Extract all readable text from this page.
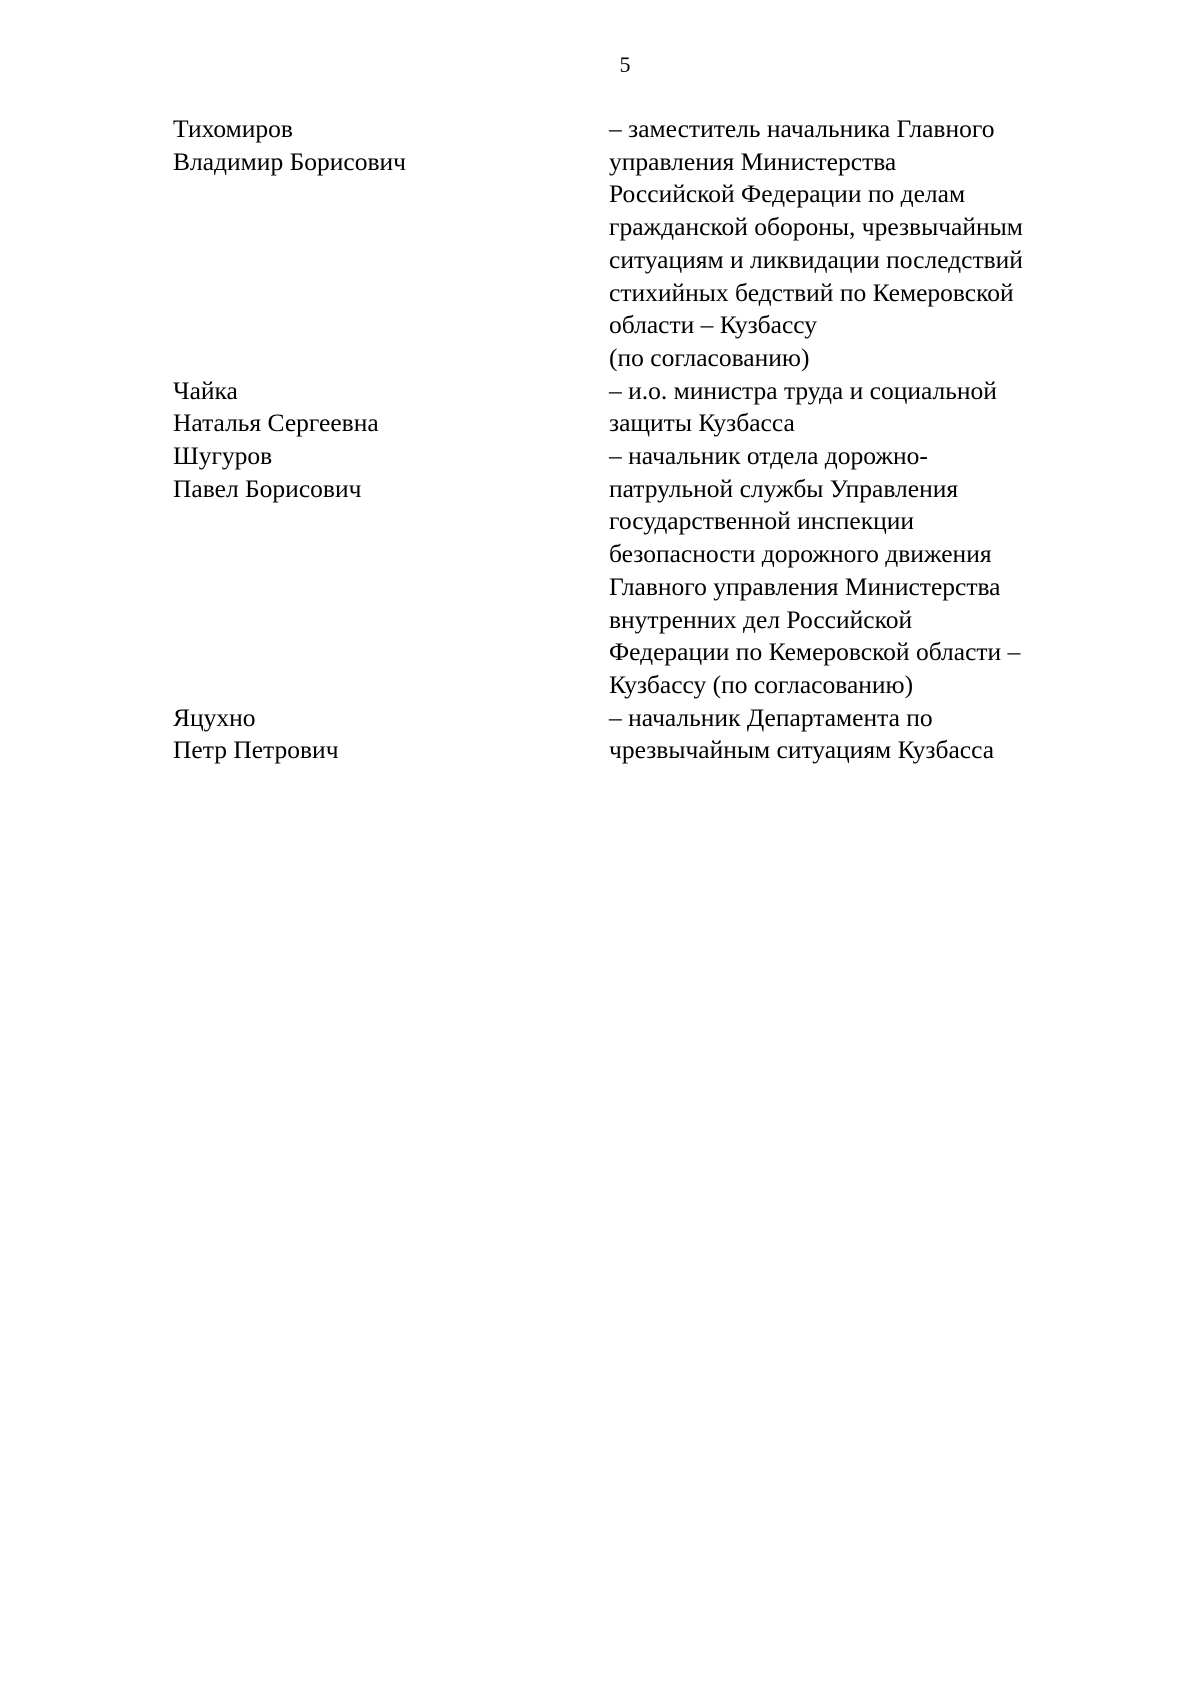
5
Тихомиров
Владимир Борисович
– заместитель начальника Главного
управления Министерства
Российской Федерации по делам
гражданской обороны, чрезвычайным
ситуациям и ликвидации последствий
стихийных бедствий по Кемеровской
области – Кузбассу
(по согласованию)
Чайка
Наталья Сергеевна
– и.о. министра труда и социальной
защиты Кузбасса
Шугуров
Павел Борисович
– начальник отдела дорожно-
патрульной службы Управления
государственной инспекции
безопасности дорожного движения
Главного управления Министерства
внутренних дел Российской
Федерации по Кемеровской области –
Кузбассу (по согласованию)
Яцухно
Петр Петрович
– начальник Департамента по
чрезвычайным ситуациям Кузбасса
